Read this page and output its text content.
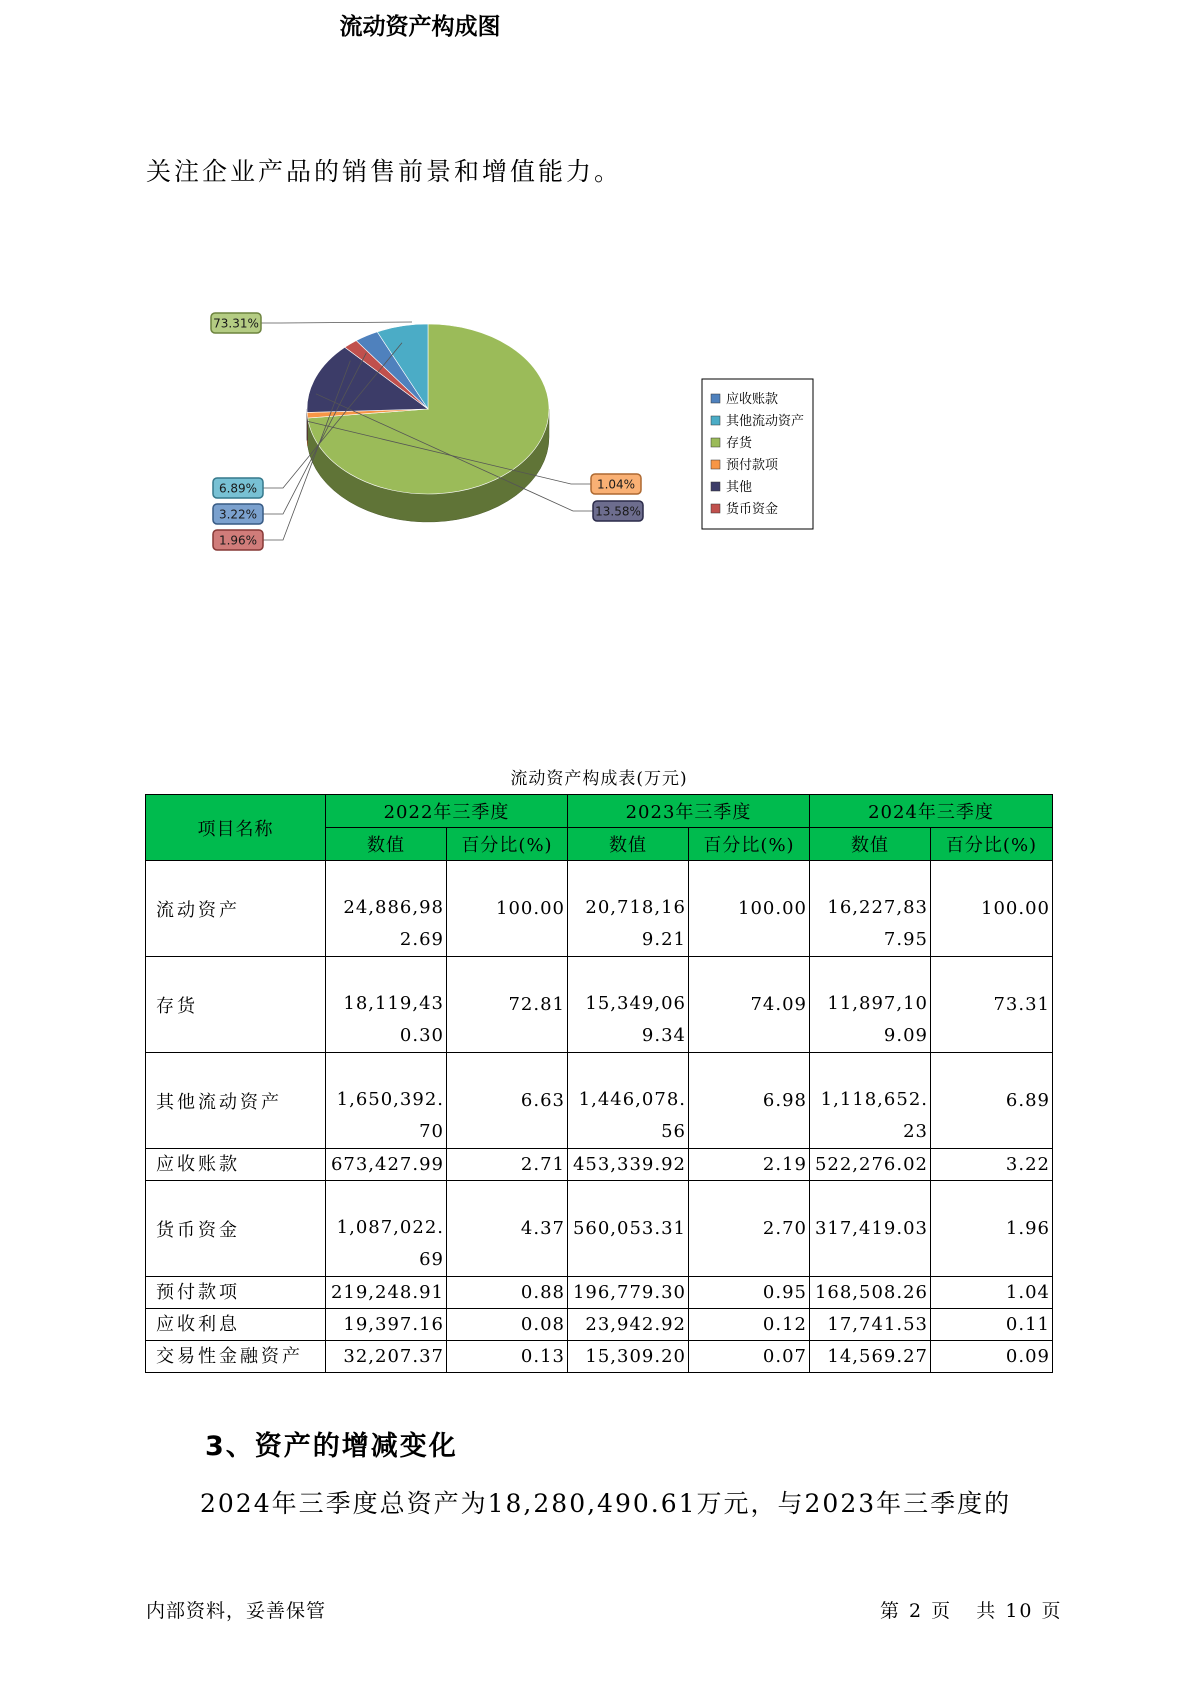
关注企业产品的销售前景和增值能力。
流动资产构成图
73.31%
1.04%
13.58%
1.96%
3.22%
6.89%
应收账款
其他流动资产
存货
预付款项
其他
货币资金
流动资产构成表(万元)
项目名称	2022年三季度		2023年三季度		2024年三季度	
	数值	百分比(%)	数值	百分比(%)	数值	百分比(%)
流动资产	24,886,982.69	100.00	20,718,169.21	100.00	16,227,837.95	100.00
存货	18,119,430.30	72.81	15,349,069.34	74.09	11,897,109.09	73.31
其他流动资产	1,650,392.70	6.63	1,446,078.56	6.98	1,118,652.23	6.89
应收账款	673,427.99	2.71	453,339.92	2.19	522,276.02	3.22
货币资金	1,087,022.69	4.37	560,053.31	2.70	317,419.03	1.96
预付款项	219,248.91	0.88	196,779.30	0.95	168,508.26	1.04
应收利息	19,397.16	0.08	23,942.92	0.12	17,741.53	0.11
交易性金融资产	32,207.37	0.13	15,309.20	0.07	14,569.27	0.09
3、资产的增减变化
2024年三季度总资产为18,280,490.61万元，与2023年三季度的
内部资料，妥善保管	第 2 页   共 10 页
